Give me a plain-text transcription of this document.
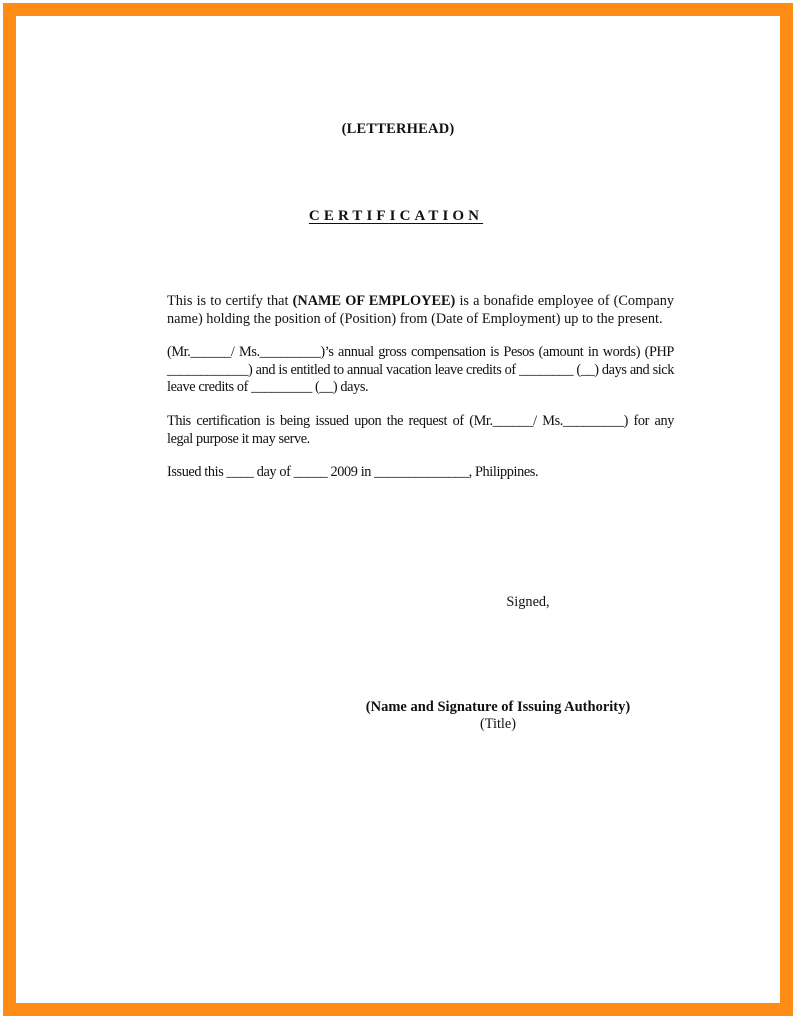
(LETTERHEAD)
CERTIFICATION

This is to certify that (NAME OF EMPLOYEE) is a bonafide employee of (Company name) holding the position of (Position) from (Date of Employment) up to the present.

(Mr.______/ Ms._________)’s annual gross compensation is Pesos (amount in words) (PHP ____________) and is entitled to annual vacation leave credits of ________ (__) days and sick leave credits of _________ (__) days.

This certification is being issued upon the request of (Mr.______/ Ms._________) for any legal purpose it may serve.

Issued this ____ day of _____ 2009 in ______________, Philippines.

Signed,
(Name and Signature of Issuing Authority)
(Title)
